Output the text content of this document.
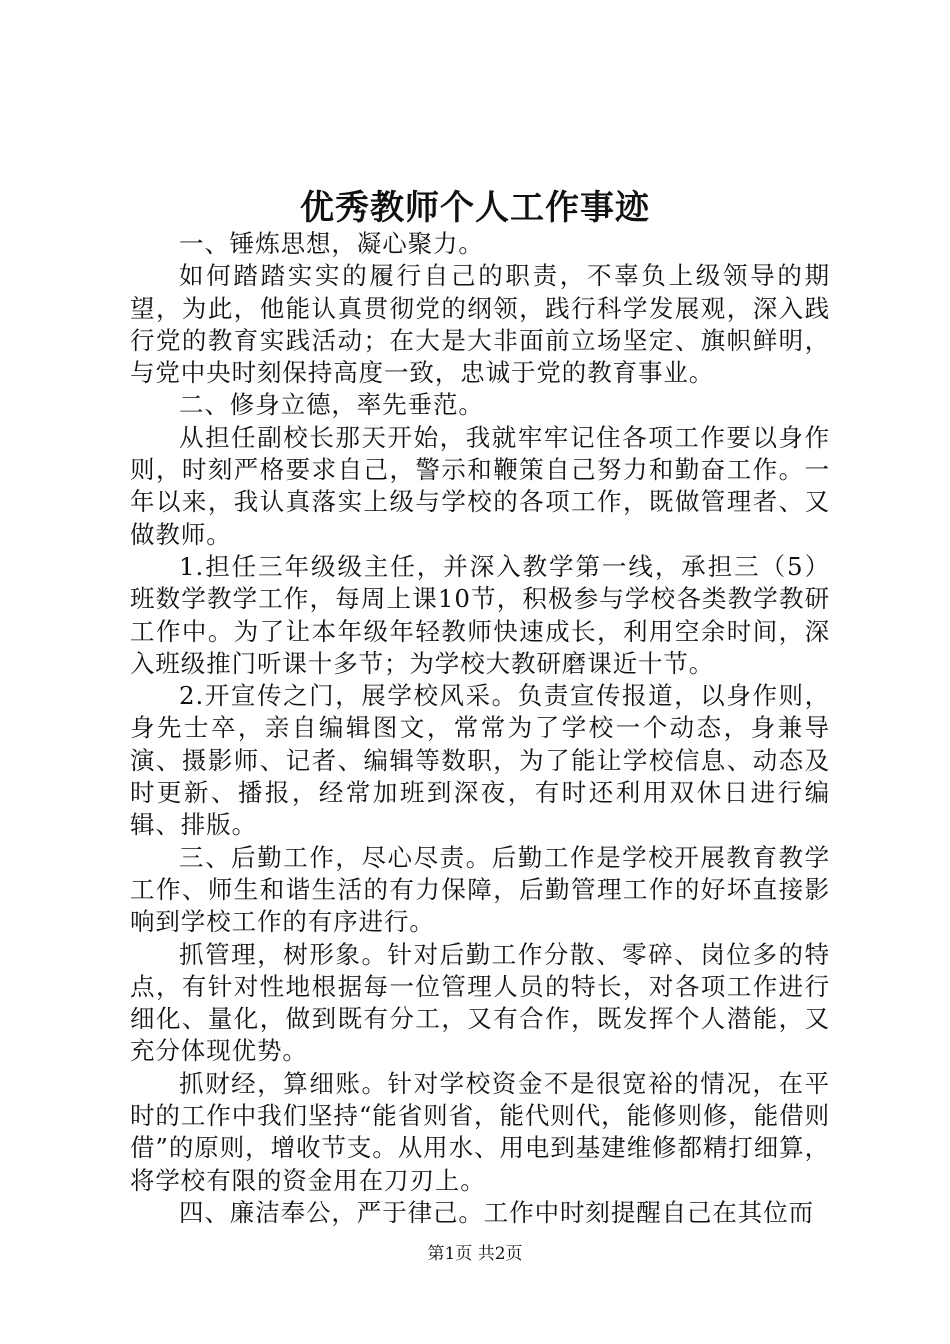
优秀教师个人工作事迹

一、锤炼思想，凝心聚力。

如何踏踏实实的履行自己的职责，不辜负上级领导的期望，为此，他能认真贯彻党的纲领，践行科学发展观，深入践行党的教育实践活动；在大是大非面前立场坚定、旗帜鲜明，与党中央时刻保持高度一致，忠诚于党的教育事业。

二、修身立德，率先垂范。

从担任副校长那天开始，我就牢牢记住各项工作要以身作则，时刻严格要求自己，警示和鞭策自己努力和勤奋工作。一年以来，我认真落实上级与学校的各项工作，既做管理者、又做教师。

1.担任三年级级主任，并深入教学第一线，承担三（5）班数学教学工作，每周上课10节，积极参与学校各类教学教研工作中。为了让本年级年轻教师快速成长，利用空余时间，深入班级推门听课十多节；为学校大教研磨课近十节。

2.开宣传之门，展学校风采。负责宣传报道，以身作则，身先士卒，亲自编辑图文，常常为了学校一个动态，身兼导演、摄影师、记者、编辑等数职，为了能让学校信息、动态及时更新、播报，经常加班到深夜，有时还利用双休日进行编辑、排版。

三、后勤工作，尽心尽责。后勤工作是学校开展教育教学工作、师生和谐生活的有力保障，后勤管理工作的好坏直接影响到学校工作的有序进行。

抓管理，树形象。针对后勤工作分散、零碎、岗位多的特点，有针对性地根据每一位管理人员的特长，对各项工作进行细化、量化，做到既有分工，又有合作，既发挥个人潜能，又充分体现优势。

抓财经，算细账。针对学校资金不是很宽裕的情况，在平时的工作中我们坚持“能省则省，能代则代，能修则修，能借则借”的原则，增收节支。从用水、用电到基建维修都精打细算，将学校有限的资金用在刀刃上。

四、廉洁奉公，严于律己。工作中时刻提醒自己在其位而

第1页 共2页
